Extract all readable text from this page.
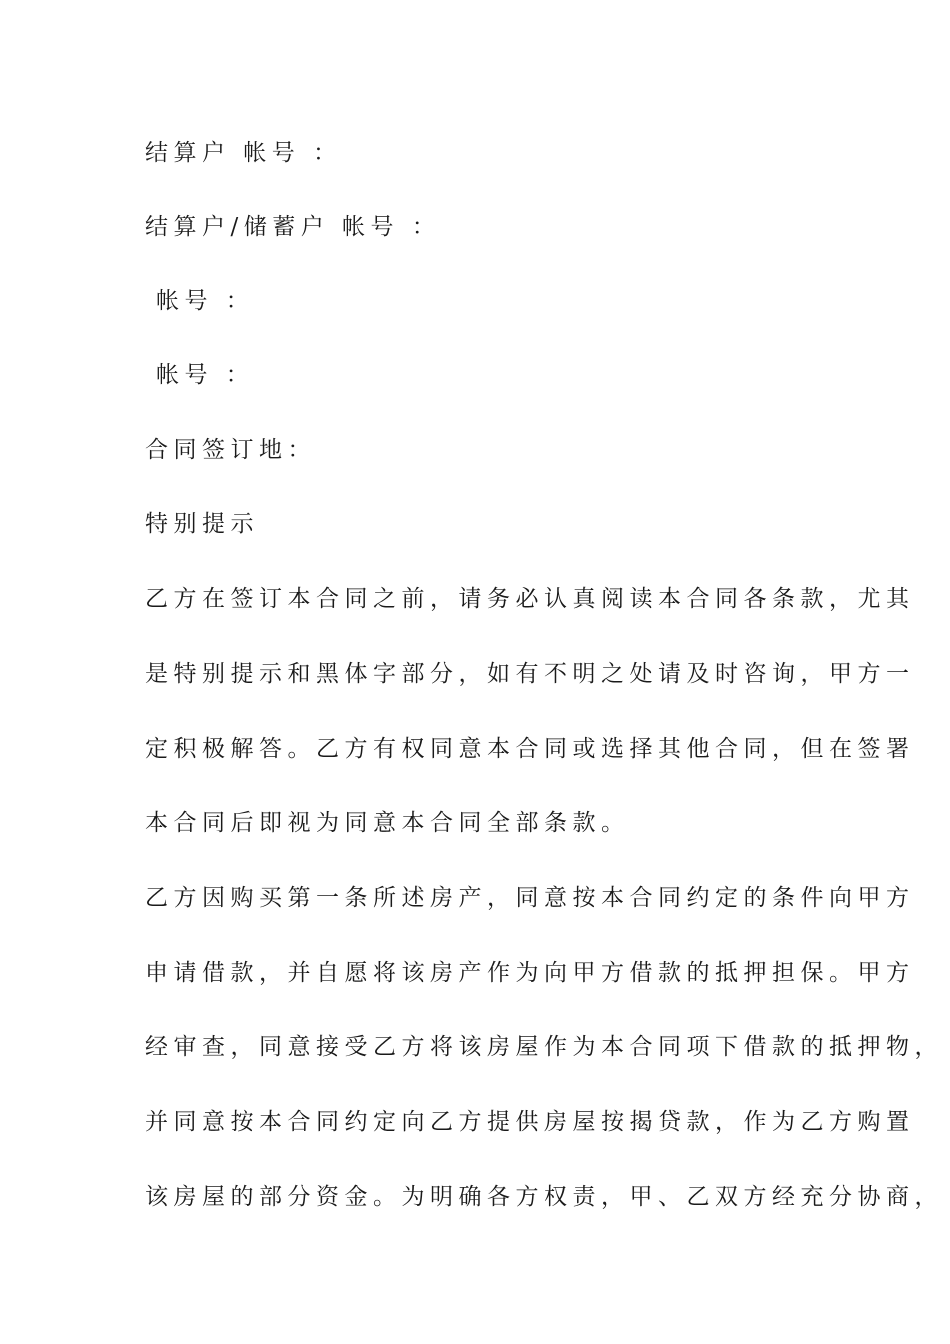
结算户 帐号 ：
结算户/储蓄户 帐号 ：
帐号 ：
帐号 ：
合同签订地：
特别提示
乙方在签订本合同之前，请务必认真阅读本合同各条款，尤其
是特别提示和黑体字部分，如有不明之处请及时咨询，甲方一
定积极解答。乙方有权同意本合同或选择其他合同，但在签署
本合同后即视为同意本合同全部条款。
乙方因购买第一条所述房产，同意按本合同约定的条件向甲方
申请借款，并自愿将该房产作为向甲方借款的抵押担保。甲方
经审查，同意接受乙方将该房屋作为本合同项下借款的抵押物，
并同意按本合同约定向乙方提供房屋按揭贷款，作为乙方购置
该房屋的部分资金。为明确各方权责，甲、乙双方经充分协商，
